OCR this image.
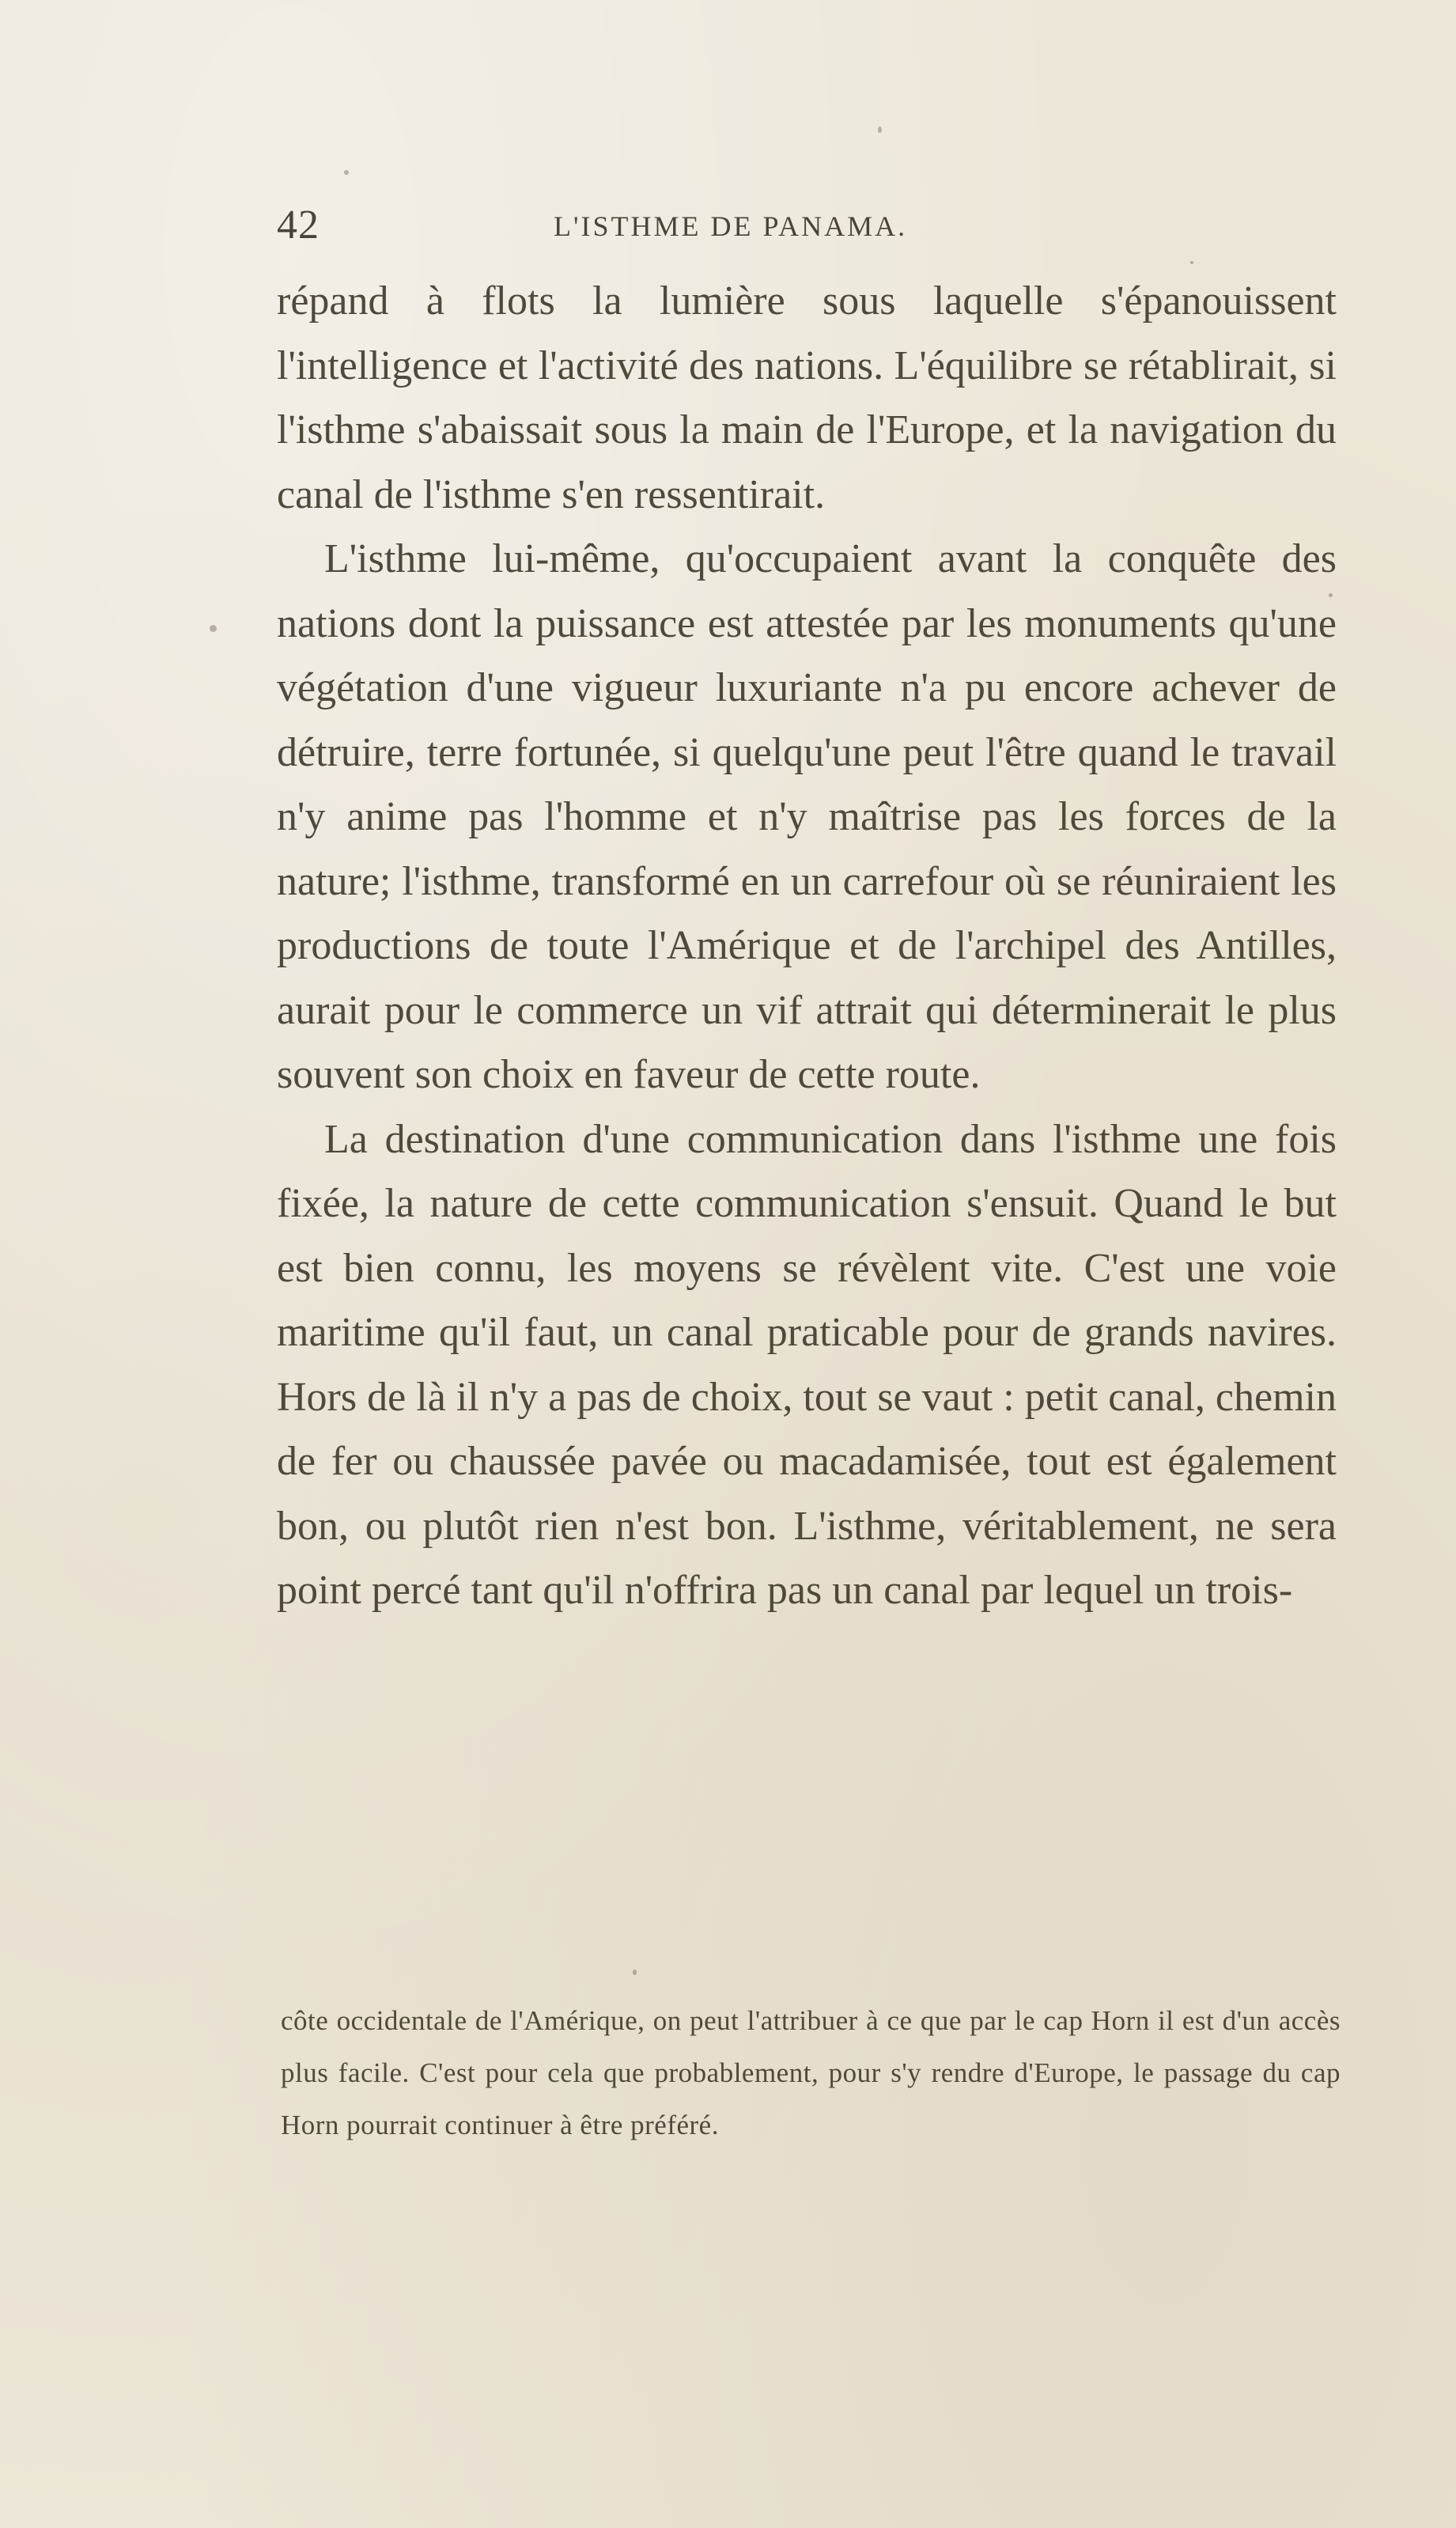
42	L'ISTHME DE PANAMA.

répand à flots la lumière sous laquelle s'épanouissent l'intelligence et l'activité des nations. L'équilibre se rétablirait, si l'isthme s'abaissait sous la main de l'Europe, et la navigation du canal de l'isthme s'en ressentirait.

L'isthme lui-même, qu'occupaient avant la conquête des nations dont la puissance est attestée par les monuments qu'une végétation d'une vigueur luxuriante n'a pu encore achever de détruire, terre fortunée, si quelqu'une peut l'être quand le travail n'y anime pas l'homme et n'y maîtrise pas les forces de la nature; l'isthme, transformé en un carrefour où se réuniraient les productions de toute l'Amérique et de l'archipel des Antilles, aurait pour le commerce un vif attrait qui déterminerait le plus souvent son choix en faveur de cette route.

La destination d'une communication dans l'isthme une fois fixée, la nature de cette communication s'ensuit. Quand le but est bien connu, les moyens se révèlent vite. C'est une voie maritime qu'il faut, un canal praticable pour de grands navires. Hors de là il n'y a pas de choix, tout se vaut : petit canal, chemin de fer ou chaussée pavée ou macadamisée, tout est également bon, ou plutôt rien n'est bon. L'isthme, véritablement, ne sera point percé tant qu'il n'offrira pas un canal par lequel un trois-

côte occidentale de l'Amérique, on peut l'attribuer à ce que par le cap Horn il est d'un accès plus facile. C'est pour cela que probablement, pour s'y rendre d'Europe, le passage du cap Horn pourrait continuer à être préféré.
